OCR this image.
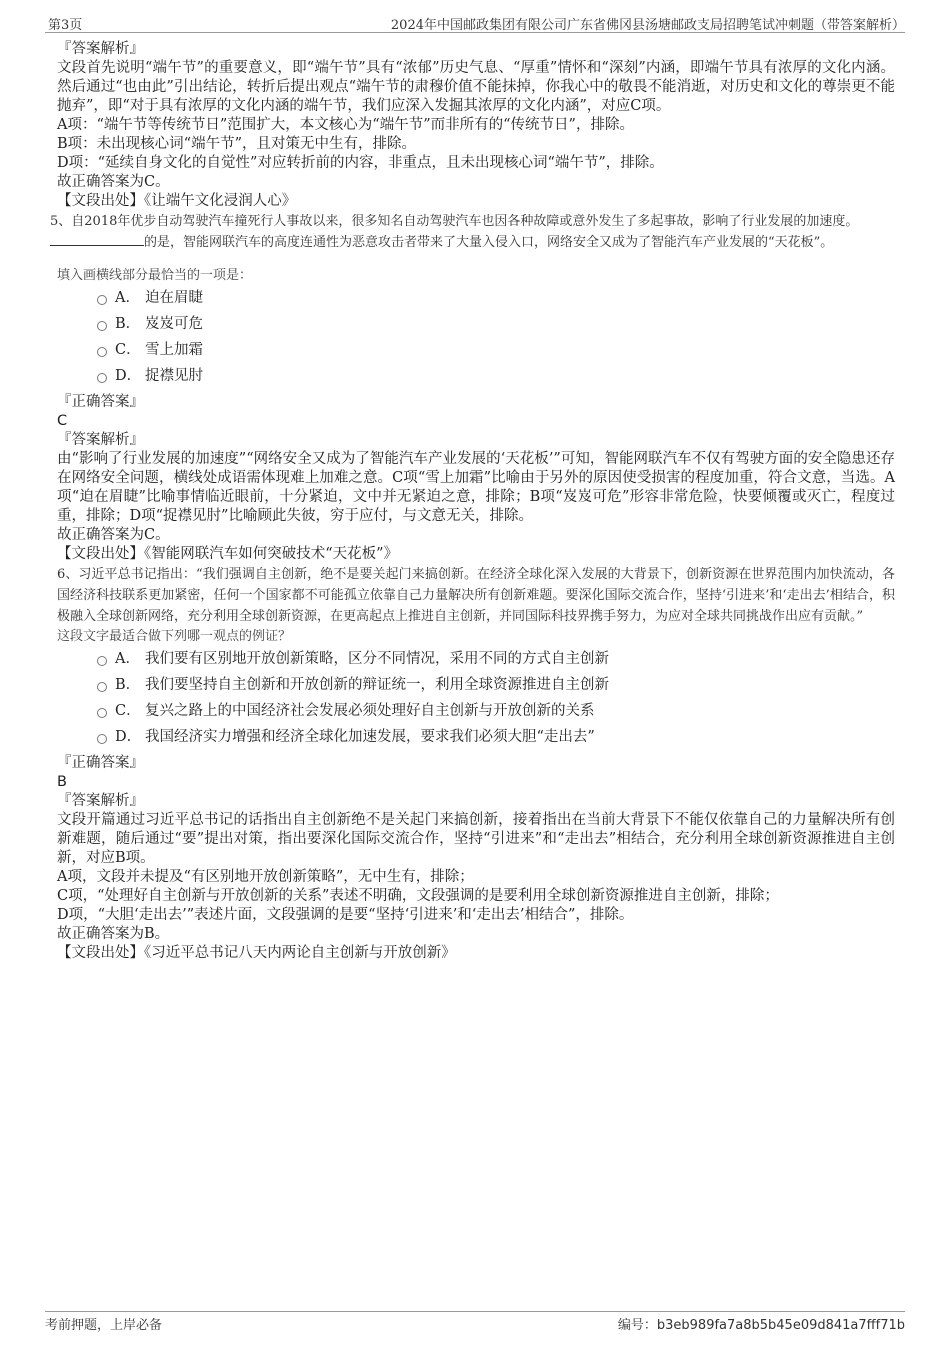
第3页	2024年中国邮政集团有限公司广东省佛冈县汤塘邮政支局招聘笔试冲刺题（带答案解析）

『答案解析』

文段首先说明“端午节”的重要意义，即“端午节”具有“浓郁”历史气息、“厚重”情怀和“深刻”内涵，即端午节具有浓厚的文化内涵。然后通过“也由此”引出结论，转折后提出观点“端午节的肃穆价值不能抹掉，你我心中的敬畏不能消逝，对历史和文化的尊崇更不能抛弃”，即“对于具有浓厚的文化内涵的端午节，我们应深入发掘其浓厚的文化内涵”，对应C项。

A项：“端午节等传统节日”范围扩大，本文核心为“端午节”而非所有的“传统节日”，排除。

B项：未出现核心词“端午节”，且对策无中生有，排除。

D项：“延续自身文化的自觉性”对应转折前的内容，非重点，且未出现核心词“端午节”，排除。

故正确答案为C。

【文段出处】《让端午文化浸润人心》

5、自2018年优步自动驾驶汽车撞死行人事故以来，很多知名自动驾驶汽车也因各种故障或意外发生了多起事故，影响了行业发展的加速度。
的是，智能网联汽车的高度连通性为恶意攻击者带来了大量入侵入口，网络安全又成为了智能汽车产业发展的“天花板”。

填入画横线部分最恰当的一项是：

A． 迫在眉睫
B． 岌岌可危
C． 雪上加霜
D． 捉襟见肘

『正确答案』

C

『答案解析』

由“影响了行业发展的加速度”“网络安全又成为了智能汽车产业发展的‘天花板’”可知，智能网联汽车不仅有驾驶方面的安全隐患还存在网络安全问题，横线处成语需体现难上加难之意。C项“雪上加霜”比喻由于另外的原因使受损害的程度加重，符合文意，当选。A项“迫在眉睫”比喻事情临近眼前，十分紧迫，文中并无紧迫之意，排除；B项“岌岌可危”形容非常危险，快要倾覆或灭亡，程度过重，排除；D项“捉襟见肘”比喻顾此失彼，穷于应付，与文意无关，排除。

故正确答案为C。

【文段出处】《智能网联汽车如何突破技术“天花板”》

6、习近平总书记指出：“我们强调自主创新，绝不是要关起门来搞创新。在经济全球化深入发展的大背景下，创新资源在世界范围内加快流动，各国经济科技联系更加紧密，任何一个国家都不可能孤立依靠自己力量解决所有创新难题。要深化国际交流合作，坚持‘引进来’和‘走出去’相结合，积极融入全球创新网络，充分利用全球创新资源，在更高起点上推进自主创新，并同国际科技界携手努力，为应对全球共同挑战作出应有贡献。”

这段文字最适合做下列哪一观点的例证？

A． 我们要有区别地开放创新策略，区分不同情况，采用不同的方式自主创新
B． 我们要坚持自主创新和开放创新的辩证统一，利用全球资源推进自主创新
C． 复兴之路上的中国经济社会发展必须处理好自主创新与开放创新的关系
D． 我国经济实力增强和经济全球化加速发展，要求我们必须大胆“走出去”

『正确答案』

B

『答案解析』

文段开篇通过习近平总书记的话指出自主创新绝不是关起门来搞创新，接着指出在当前大背景下不能仅依靠自己的力量解决所有创新难题，随后通过“要”提出对策，指出要深化国际交流合作，坚持“引进来”和“走出去”相结合，充分利用全球创新资源推进自主创新，对应B项。

A项，文段并未提及“有区别地开放创新策略”，无中生有，排除；

C项，“处理好自主创新与开放创新的关系”表述不明确，文段强调的是要利用全球创新资源推进自主创新，排除；

D项，“大胆‘走出去’”表述片面，文段强调的是要“坚持‘引进来’和‘走出去’相结合”，排除。

故正确答案为B。

【文段出处】《习近平总书记八天内两论自主创新与开放创新》

考前押题，上岸必备	编号：b3eb989fa7a8b5b45e09d841a7fff71b
